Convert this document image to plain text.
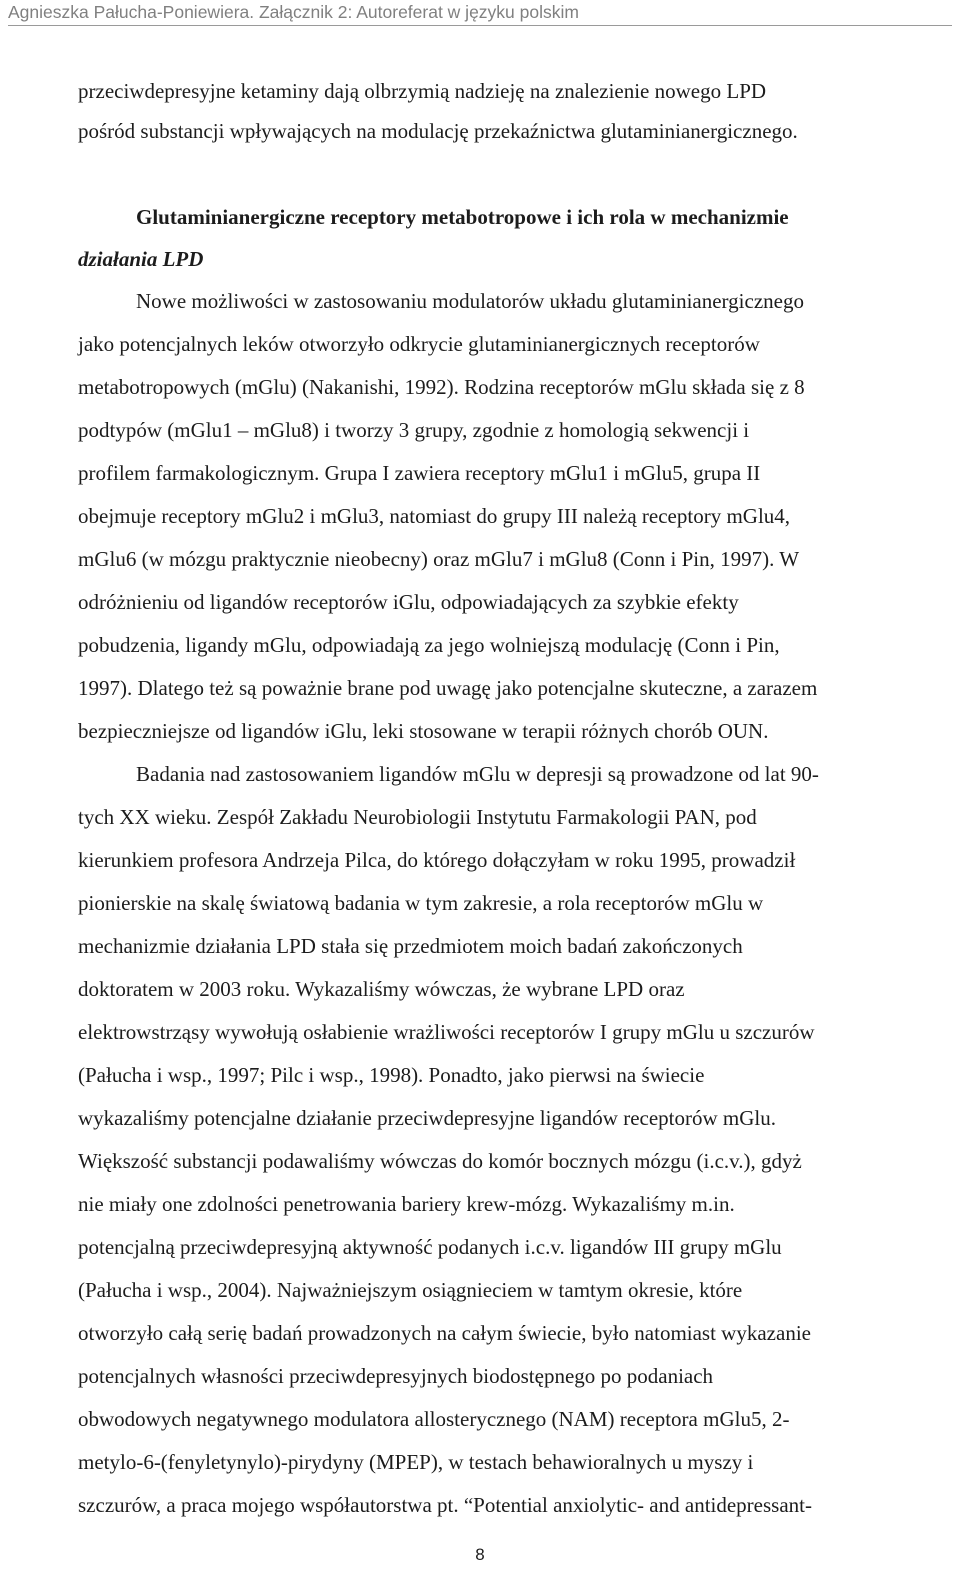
Agnieszka Pałucha-Poniewiera. Załącznik 2: Autoreferat w języku polskim

przeciwdepresyjne ketaminy dają olbrzymią nadzieję na znalezienie nowego LPD
pośród substancji wpływających na modulację przekaźnictwa glutaminianergicznego.

Glutaminianergiczne receptory metabotropowe i ich rola w mechanizmie
działania LPD

Nowe możliwości w zastosowaniu modulatorów układu glutaminianergicznego
jako potencjalnych leków otworzyło odkrycie glutaminianergicznych receptorów
metabotropowych (mGlu) (Nakanishi, 1992). Rodzina receptorów mGlu składa się z 8
podtypów (mGlu1 – mGlu8) i tworzy 3 grupy, zgodnie z homologią sekwencji i
profilem farmakologicznym. Grupa I zawiera receptory mGlu1 i mGlu5, grupa II
obejmuje receptory mGlu2 i mGlu3, natomiast do grupy III należą receptory mGlu4,
mGlu6 (w mózgu praktycznie nieobecny) oraz mGlu7 i mGlu8 (Conn i Pin, 1997). W
odróżnieniu od ligandów receptorów iGlu, odpowiadających za szybkie efekty
pobudzenia, ligandy mGlu, odpowiadają za jego wolniejszą modulację (Conn i Pin,
1997). Dlatego też są poważnie brane pod uwagę jako potencjalne skuteczne, a zarazem
bezpieczniejsze od ligandów iGlu, leki stosowane w terapii różnych chorób OUN.

Badania nad zastosowaniem ligandów mGlu w depresji są prowadzone od lat 90-
tych XX wieku. Zespół Zakładu Neurobiologii Instytutu Farmakologii PAN, pod
kierunkiem profesora Andrzeja Pilca, do którego dołączyłam w roku 1995, prowadził
pionierskie na skalę światową badania w tym zakresie, a rola receptorów mGlu w
mechanizmie działania LPD stała się przedmiotem moich badań zakończonych
doktoratem w 2003 roku. Wykazaliśmy wówczas, że wybrane LPD oraz
elektrowstrząsy wywołują osłabienie wrażliwości receptorów I grupy mGlu u szczurów
(Pałucha i wsp., 1997; Pilc i wsp., 1998). Ponadto, jako pierwsi na świecie
wykazaliśmy potencjalne działanie przeciwdepresyjne ligandów receptorów mGlu.
Większość substancji podawaliśmy wówczas do komór bocznych mózgu (i.c.v.), gdyż
nie miały one zdolności penetrowania bariery krew-mózg. Wykazaliśmy m.in.
potencjalną przeciwdepresyjną aktywność podanych i.c.v. ligandów III grupy mGlu
(Pałucha i wsp., 2004). Najważniejszym osiągnieciem w tamtym okresie, które
otworzyło całą serię badań prowadzonych na całym świecie, było natomiast wykazanie
potencjalnych własności przeciwdepresyjnych biodostępnego po podaniach
obwodowych negatywnego modulatora allosterycznego (NAM) receptora mGlu5, 2-
metylo-6-(fenyletynylo)-pirydyny (MPEP), w testach behawioralnych u myszy i
szczurów, a praca mojego współautorstwa pt. “Potential anxiolytic- and antidepressant-

8
